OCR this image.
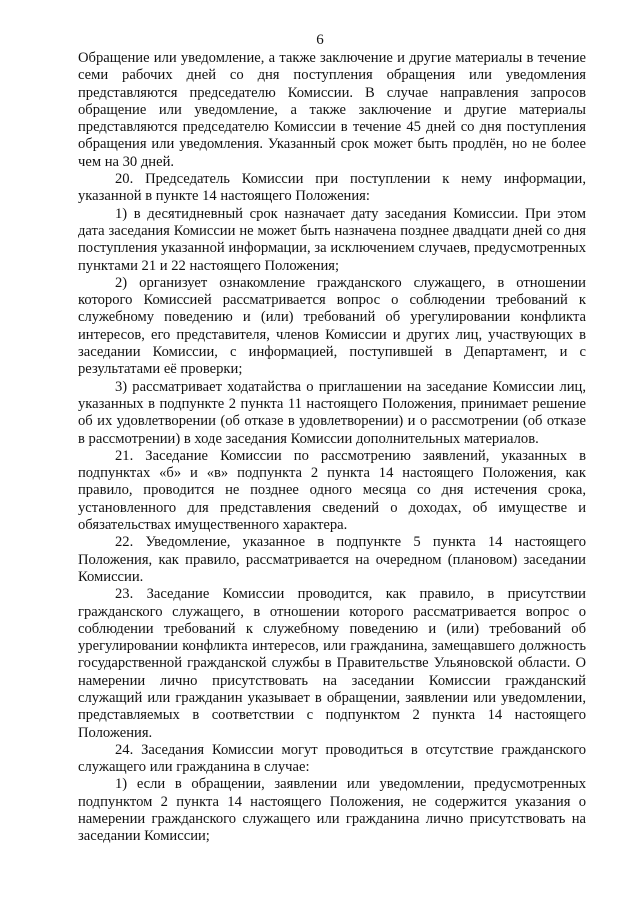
6

Обращение или уведомление, а также заключение и другие материалы в течение семи рабочих дней со дня поступления обращения или уведомления представляются председателю Комиссии. В случае направления запросов обращение или уведомление, а также заключение и другие материалы представляются председателю Комиссии в течение 45 дней со дня поступления обращения или уведомления. Указанный срок может быть продлён, но не более чем на 30 дней.

20. Председатель Комиссии при поступлении к нему информации, указанной в пункте 14 настоящего Положения:

1) в десятидневный срок назначает дату заседания Комиссии. При этом дата заседания Комиссии не может быть назначена позднее двадцати дней со дня поступления указанной информации, за исключением случаев, предусмотренных пунктами 21 и 22 настоящего Положения;

2) организует ознакомление гражданского служащего, в отношении которого Комиссией рассматривается вопрос о соблюдении требований к служебному поведению и (или) требований об урегулировании конфликта интересов, его представителя, членов Комиссии и других лиц, участвующих в заседании Комиссии, с информацией, поступившей в Департамент, и с результатами её проверки;

3) рассматривает ходатайства о приглашении на заседание Комиссии лиц, указанных в подпункте 2 пункта 11 настоящего Положения, принимает решение об их удовлетворении (об отказе в удовлетворении) и о рассмотрении (об отказе в рассмотрении) в ходе заседания Комиссии дополнительных материалов.

21. Заседание Комиссии по рассмотрению заявлений, указанных в подпунктах «б» и «в» подпункта 2 пункта 14 настоящего Положения, как правило, проводится не позднее одного месяца со дня истечения срока, установленного для представления сведений о доходах, об имуществе и обязательствах имущественного характера.

22. Уведомление, указанное в подпункте 5 пункта 14 настоящего Положения, как правило, рассматривается на очередном (плановом) заседании Комиссии.

23. Заседание Комиссии проводится, как правило, в присутствии гражданского служащего, в отношении которого рассматривается вопрос о соблюдении требований к служебному поведению и (или) требований об урегулировании конфликта интересов, или гражданина, замещавшего должность государственной гражданской службы в Правительстве Ульяновской области. О намерении лично присутствовать на заседании Комиссии гражданский служащий или гражданин указывает в обращении, заявлении или уведомлении, представляемых в соответствии с подпунктом 2 пункта 14 настоящего Положения.

24. Заседания Комиссии могут проводиться в отсутствие гражданского служащего или гражданина в случае:

1) если в обращении, заявлении или уведомлении, предусмотренных подпунктом 2 пункта 14 настоящего Положения, не содержится указания о намерении гражданского служащего или гражданина лично присутствовать на заседании Комиссии;
